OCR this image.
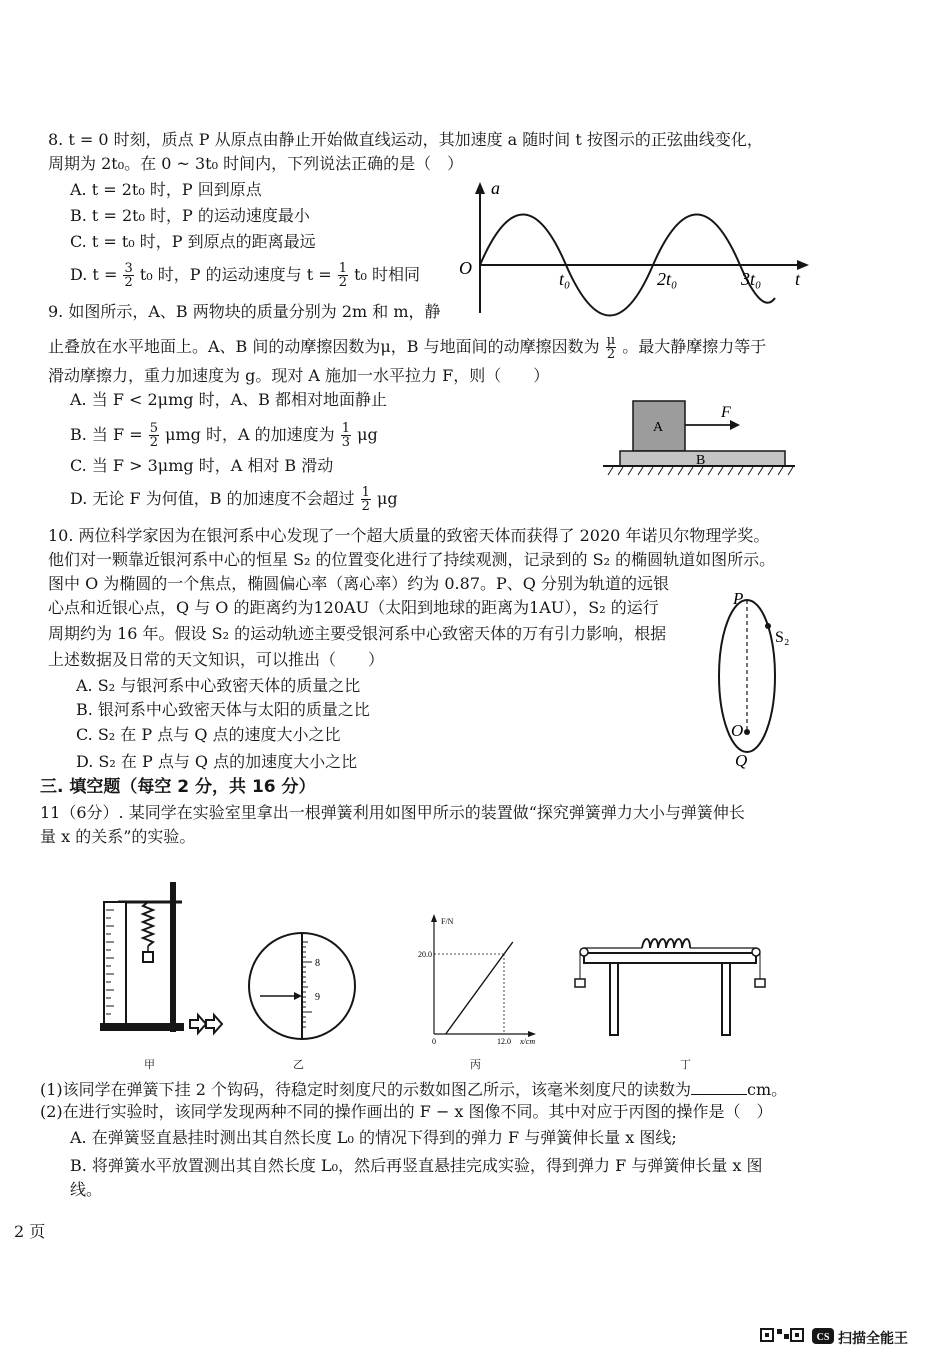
8. t = 0 时刻，质点 P 从原点由静止开始做直线运动，其加速度 a 随时间 t 按图示的正弦曲线变化，
周期为 2t₀。在 0 ~ 3t₀ 时间内，下列说法正确的是（　）
A. t = 2t₀ 时，P 回到原点
B. t = 2t₀ 时，P 的运动速度最小
C. t = t₀ 时，P 到原点的距离最远
D. $t = \frac{3}{2} t_0$ 时，P 的运动速度与 $t = \frac{1}{2} t_0$ 时相同
a
O
t₀	2t₀	3t₀ t
9. 如图所示，A、B 两物块的质量分别为 2m 和 m，静
止叠放在水平地面上。A、B 间的动摩擦因数为μ，B 与地面间的动摩擦因数为 $\frac{\mu}{2}$ 。最大静摩擦力等于
滑动摩擦力，重力加速度为 g。现对 A 施加一水平拉力 F，则（　　）
A. 当 F < 2μmg 时，A、B 都相对地面静止
B. 当 $F = \frac{5}{2}$ μmg 时，A 的加速度为 $\frac{1}{3}$ μg
C. 当 F > 3μmg 时，A 相对 B 滑动
D. 无论 F 为何值，B 的加速度不会超过 $\frac{1}{2}$ μg
A
B
F
10. 两位科学家因为在银河系中心发现了一个超大质量的致密天体而获得了 2020 年诺贝尔物理学奖。
他们对一颗靠近银河系中心的恒星 S₂ 的位置变化进行了持续观测，记录到的 S₂ 的椭圆轨道如图所示。
图中 O 为椭圆的一个焦点，椭圆偏心率（离心率）约为 0.87。P、Q 分别为轨道的远银
心点和近银心点，Q 与 O 的距离约为120AU（太阳到地球的距离为1AU），S₂ 的运行
周期约为 16 年。假设 S₂ 的运动轨迹主要受银河系中心致密天体的万有引力影响，根据
上述数据及日常的天文知识，可以推出（　　）
A. S₂ 与银河系中心致密天体的质量之比
B. 银河系中心致密天体与太阳的质量之比
C. S₂ 在 P 点与 Q 点的速度大小之比
D. S₂ 在 P 点与 Q 点的加速度大小之比
P
S₂
O
Q
三. 填空题（每空 2 分，共 16 分）
11（6分）. 某同学在实验室里拿出一根弹簧利用如图甲所示的装置做“探究弹簧弹力大小与弹簧伸长
量 x 的关系”的实验。
甲
8
9
乙
F/N
20.0
12.0
0	x/cm
丙	丁
(1)该同学在弹簧下挂 2 个钩码，待稳定时刻度尺的示数如图乙所示，该毫米刻度尺的读数为	cm。
(2)在进行实验时，该同学发现两种不同的操作画出的 F − x 图像不同。其中对应于丙图的操作是（　）
A. 在弹簧竖直悬挂时测出其自然长度 L₀ 的情况下得到的弹力 F 与弹簧伸长量 x 图线;
B. 将弹簧水平放置测出其自然长度 L₀，然后再竖直悬挂完成实验，得到弹力 F 与弹簧伸长量 x 图
线。
2 页
CS 扫描全能王
